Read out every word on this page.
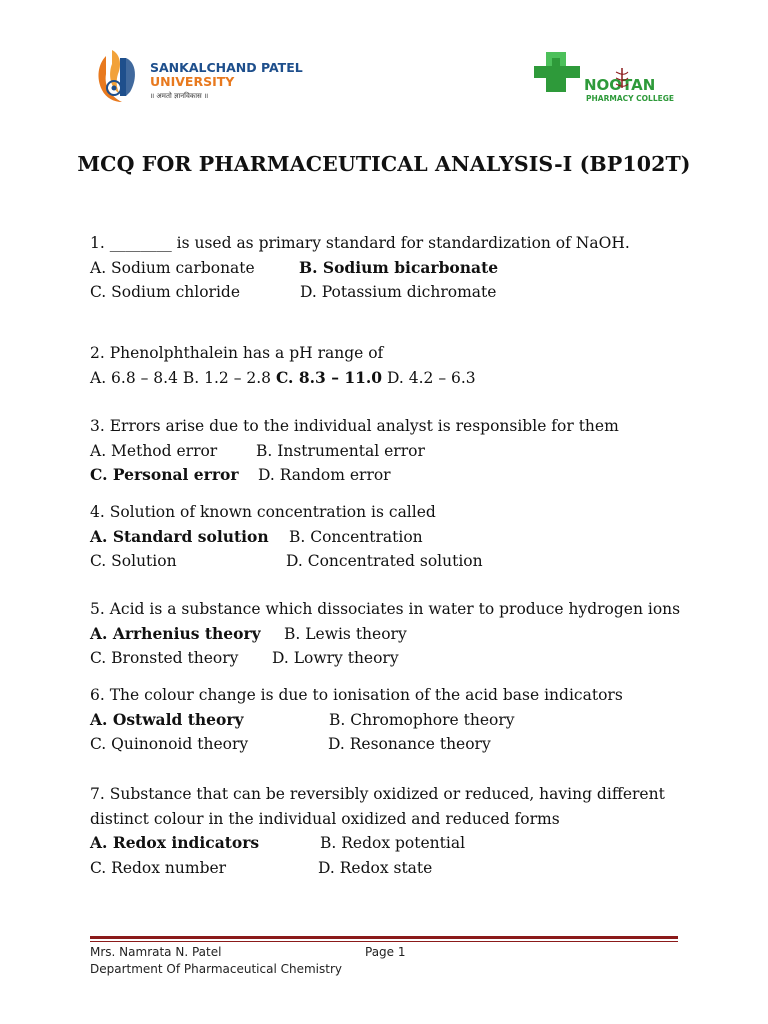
SANKALCHAND PATEL
UNIVERSITY
॥ अमतो ज्ञानविकास ॥
NOOTAN
PHARMACY COLLEGE
MCQ FOR PHARMACEUTICAL ANALYSIS-I (BP102T)
1. ________ is used as primary standard for standardization of NaOH.
A. Sodium carbonate	B. Sodium bicarbonate
C. Sodium chloride	D. Potassium dichromate
2. Phenolphthalein has a pH range of
A. 6.8 – 8.4 B. 1.2 – 2.8 C. 8.3 – 11.0 D. 4.2 – 6.3
3. Errors arise due to the individual analyst is responsible for them
A. Method error	B. Instrumental error
C. Personal error D. Random error
4. Solution of known concentration is called
A. Standard solution B. Concentration
C. Solution	D. Concentrated solution
5. Acid is a substance which dissociates in water to produce hydrogen ions
A. Arrhenius theory B. Lewis theory
C. Bronsted theory D. Lowry theory
6. The colour change is due to ionisation of the acid base indicators
A. Ostwald theory	B. Chromophore theory
C. Quinonoid theory	D. Resonance theory
7. Substance that can be reversibly oxidized or reduced, having different
distinct colour in the individual oxidized and reduced forms
A. Redox indicators	B. Redox potential
C. Redox number	D. Redox state
Mrs. Namrata N. Patel	Page 1
Department Of Pharmaceutical Chemistry
